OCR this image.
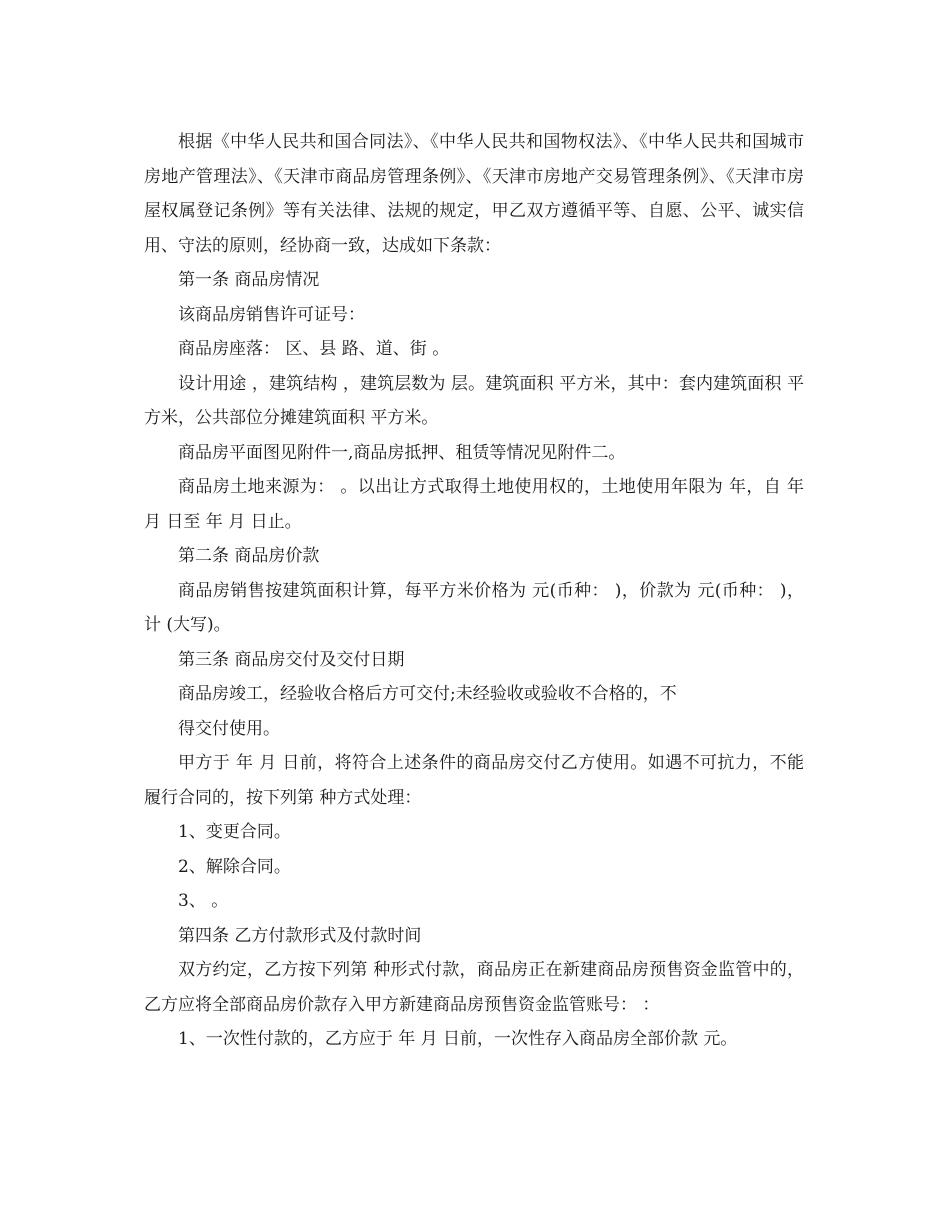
根据《中华人民共和国合同法》、《中华人民共和国物权法》、《中华人民共和国城市房地产管理法》、《天津市商品房管理条例》、《天津市房地产交易管理条例》、《天津市房屋权属登记条例》等有关法律、法规的规定，甲乙双方遵循平等、自愿、公平、诚实信用、守法的原则，经协商一致，达成如下条款：

第一条 商品房情况

该商品房销售许可证号：

商品房座落： 区、县 路、道、街 。

设计用途 ，建筑结构 ，建筑层数为 层。建筑面积 平方米，其中：套内建筑面积 平方米，公共部位分摊建筑面积 平方米。

商品房平面图见附件一,商品房抵押、租赁等情况见附件二。

商品房土地来源为： 。以出让方式取得土地使用权的，土地使用年限为 年，自 年 月 日至 年 月 日止。

第二条 商品房价款

商品房销售按建筑面积计算，每平方米价格为 元(币种： )，价款为 元(币种： )，计 (大写)。

第三条 商品房交付及交付日期

商品房竣工，经验收合格后方可交付;未经验收或验收不合格的，不

得交付使用。

甲方于 年 月 日前，将符合上述条件的商品房交付乙方使用。如遇不可抗力，不能履行合同的，按下列第 种方式处理：

1、变更合同。

2、解除合同。

3、 。

第四条 乙方付款形式及付款时间

双方约定，乙方按下列第 种形式付款，商品房正在新建商品房预售资金监管中的，乙方应将全部商品房价款存入甲方新建商品房预售资金监管账号： ：

1、一次性付款的，乙方应于 年 月 日前，一次性存入商品房全部价款 元。
